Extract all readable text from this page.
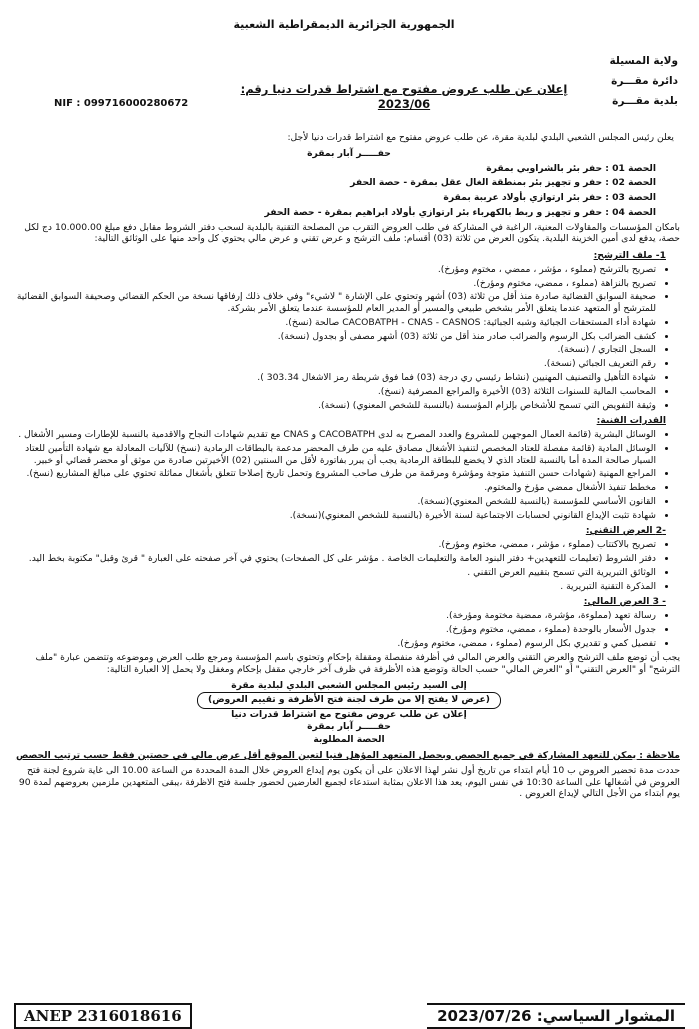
الجمهورية الجزائرية الديمقراطية الشعبية
ولاية المسيلة
دائرة مقـــرة
بلدية مقـــرة
إعلان عن طلب عروض مفتوح مع اشتراط قدرات دنيا رقم: 2023/06
NIF : 099716000280672
يعلن رئيس المجلس الشعبي البلدي لبلدية مقرة، عن طلب عروض مفتوح مع اشتراط قدرات دنيا لأجل:
حفـــــر آبار بمقرة
الحصة 01 : حفر بئر بالشراوبي بمقرة
الحصة 02 : حفر و تجهيز بئر بمنطقة الغال عقل بمقرة - حصة الحفر
الحصة 03 : حفر بئر ارتوازي بأولاد عرببة بمقرة
الحصة 04 : حفر و تجهيز و ربط بالكهرباء بئر ارتوازي بأولاد ابراهيم بمقرة - حصة الحفر
بامكان المؤسسات والمقاولات المعنية، الراغبة في المشاركة في طلب العروض التقرب من المصلحة التقنية بالبلدية لسحب دفتر الشروط مقابل دفع مبلغ 10.000.00 دج لكل حصة، يدفع لدى أمين الخزينة البلدية. يتكون العرض من ثلاثة (03) أقسام: ملف الترشح و عرض تقني و عرض مالي يحتوي كل واحد منها على الوثائق التالية:
1- ملف الترشح:
• تصريح بالترشح (مملوء ، مؤشر ، ممضي ، مختوم ومؤرخ).
• تصريح بالنزاهة (مملوء ، ممضي، مختوم ومؤرخ).
• صحيفة السوابق القضائية صادرة منذ أقل من ثلاثة (03) أشهر وتحتوي على الإشارة " لاشيء" وفي خلاف ذلك إرفاقها نسخة من الحكم القضائي وصحيفة السوابق القضائية للمترشح أو المتعهد عندما يتعلق الأمر بشخص طبيعي والمسير أو المدير العام للمؤسسة عندما يتعلق الأمر بشركة.
• شهادة أداء المستحقات الجبائية وشبه الجبائية: CACOBATPH - CNAS - CASNOS صالحة (نسخ).
• كشف الضرائب بكل الرسوم والضرائب صادر منذ أقل من ثلاثة (03) أشهر مصفى أو بجدول (نسخة).
• السجل التجاري / (نسخة).
• رقم التعريف الجبائي (نسخة).
• شهادة التأهيل والتصنيف المهنيين (نشاط رئيسي ري درجة (03) فما فوق شريطة رمز الاشغال 303.34 ).
• المحاسب المالية للسنوات الثلاثة (03) الأخيرة والمراجع المصرفية (نسخ).
• وثيقة التفويض التي تسمح للأشخاص بإلزام المؤسسة (بالنسبة للشخص المعنوي) (نسخة).
القدرات الفنية:
• الوسائل البشرية (قائمة العمال الموجهين للمشروع والعدد المصرح به لدى CACOBATPH و CNAS مع تقديم شهادات النجاح والاقدمية بالنسبة للإطارات ومسير الأشغال .
• الوسائل المادية (قائمة مفصلة للعتاد المخصص لتنفيذ الأشغال مصادق عليه من طرف المحضر مدعمة بالبطاقات الرمادية (نسخ) للآليات المعادلة مع شهادة التأمين للعتاد السيار صالحة المدة أما بالنسبة للعتاد الذي لا يخضع للبطاقة الرمادية يجب أن يبرر بفاتورة لأقل من السنتين (02) الأخيرتين صادرة من موثق أو محضر قضائي أو خبير.
• المراجع المهنية (شهادات حسن التنفيذ متوجة ومؤشرة ومرقمة من طرف صاحب المشروع وتحمل تاريخ إصلاحا تتعلق بأشغال مماثلة تحتوي على مبالغ المشاريع (نسخ).
• مخطط تنفيذ الأشغال ممضي مؤرخ والمختوم.
• القانون الأساسي للمؤسسة (بالنسبة للشخص المعنوي)(نسخة).
• شهادة تثبت الإيداع القانوني لحسابات الاجتماعية لسنة الأخيرة (بالنسبة للشخص المعنوي)(نسخة).
-2 العرض التقني:
• تصريح بالاكتتاب (مملوء ، مؤشر ، ممضي، مختوم ومؤرخ).
• دفتر الشروط (تعليمات للتعهدين+ دفتر البنود العامة والتعليمات الخاصة . مؤشر على كل الصفحات) يحتوي في آخر صفحته على العبارة " قرئ وقبل" مكتوبة بخط اليد.
• الوثائق التبريرية التي تسمح بتقييم العرض التقني .
• المذكرة التقنية التبريرية .
- 3 العرض المالي:
• رسالة تعهد (مملوءة، مؤشرة، ممضية مختومة ومؤرخة).
• جدول الأسعار بالوحدة (مملوء ، ممضي، مختوم ومؤرخ).
• تفصيل كمي و تقديري بكل الرسوم (مملوء ، ممضي، مختوم ومؤرخ).
يجب أن توضع ملف الترشح والعرض التقني والعرض المالي في أظرفة منفصلة ومقفلة بإحكام وتحتوي باسم المؤسسة ومرجع طلب العرض وموضوعه وتتضمن عبارة "ملف الترشح" أو "العرض التقني" أو "العرض المالي" حسب الحالة وتوضع هذه الأظرفة في ظرف آخر خارجي مقفل بإحكام ومغفل ولا يحمل إلا العبارة التالية:
إلى السيد رئيس المجلس الشعبي البلدي لبلدية مقرة
(عرض لا يفتح إلا من طرف لجنة فتح الأظرفة و تقييم العروض)
إعلان عن طلب عروض مفتوح مع اشتراط قدرات دنيا
حفـــــر آبار بمقرة
الحصة المطلوبة
ملاحظة : يمكن للتعهد المشاركة في جميع الحصص وبحصل المتعهد المؤهل فنيا لتعين الموقع أقل عرض مالي في حصتين فقط حسب ترتيب الحصص
حددت مدة تحضير العروض ب 10 أيام ابتداء من تاريخ أول نشر لهذا الاعلان على أن يكون يوم إيداع العروض خلال المدة المحددة من الساعة 10.00 الى غاية شروع لجنة فتح العروض في أشغالها على الساعة 10:30 في نفس اليوم، يعد هذا الاعلان بمثابة استدعاء لجميع العارضين لحضور جلسة فتح الاظرفة ،يبقى المتعهدين ملزمين بعروضهم لمدة 90 يوم ابتداء من الأجل التالي لإيداع العروض .
ANEP 2316018616	المشوار السياسي: 2023/07/26
